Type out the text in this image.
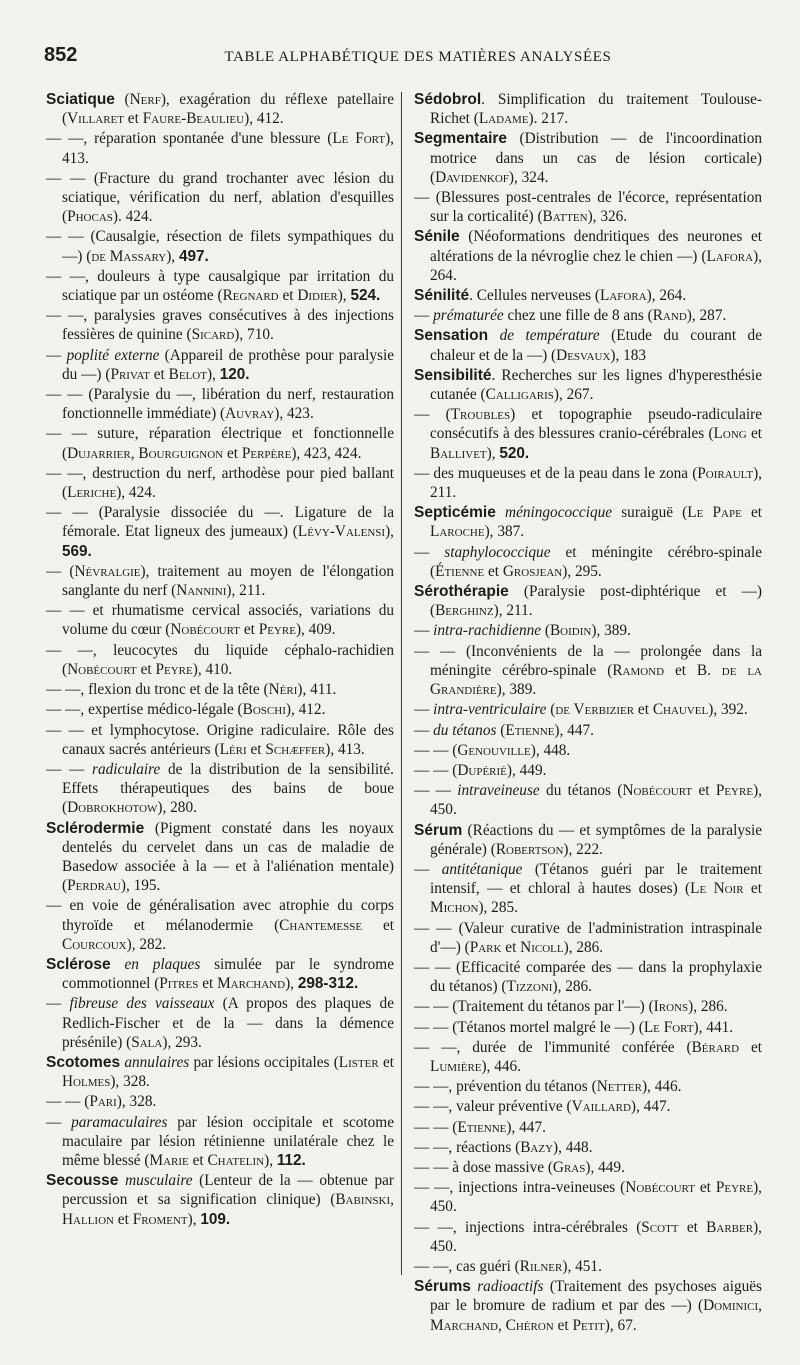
852	TABLE ALPHABÉTIQUE DES MATIÈRES ANALYSÉES
Sciatique (Nerf), exagération du réflexe patellaire (Villaret et Faure-Beaulieu), 412.
— —, réparation spontanée d'une blessure (Le Fort), 413.
— — (Fracture du grand trochanter avec lésion du sciatique, vérification du nerf, ablation d'esquilles (Phocas). 424.
— — (Causalgie, résection de filets sympathiques du —) (de Massary), 497.
— —, douleurs à type causalgique par irritation du sciatique par un ostéome (Regnard et Didier), 524.
— —, paralysies graves consécutives à des injections fessières de quinine (Sicard), 710.
— poplité externe (Appareil de prothèse pour paralysie du —) (Privat et Belot), 120.
— — (Paralysie du —, libération du nerf, restauration fonctionnelle immédiate) (Auvray), 423.
— — suture, réparation électrique et fonctionnelle (Dujarrier, Bourguignon et Perpère), 423, 424.
— —, destruction du nerf, arthodèse pour pied ballant (Leriche), 424.
— — (Paralysie dissociée du —. Ligature de la fémorale. Etat ligneux des jumeaux) (Lévy-Valensi), 569.
— (Névralgie), traitement au moyen de l'élongation sanglante du nerf (Nannini), 211.
— — et rhumatisme cervical associés, variations du volume du cœur (Nobécourt et Peyre), 409.
— —, leucocytes du liquide céphalo-rachidien (Nobécourt et Peyre), 410.
— —, flexion du tronc et de la tête (Néri), 411.
— —, expertise médico-légale (Boschi), 412.
— — et lymphocytose. Origine radiculaire. Rôle des canaux sacrés antérieurs (Léri et Schæffer), 413.
— — radiculaire de la distribution de la sensibilité. Effets thérapeutiques des bains de boue (Dobrokhotow), 280.
Sclérodermie (Pigment constaté dans les noyaux dentelés du cervelet dans un cas de maladie de Basedow associée à la — et à l'aliénation mentale) (Perdrau), 195.
— en voie de généralisation avec atrophie du corps thyroïde et mélanodermie (Chantemesse et Courcoux), 282.
Sclérose en plaques simulée par le syndrome commotionnel (Pitres et Marchand), 298-312.
— fibreuse des vaisseaux (A propos des plaques de Redlich-Fischer et de la — dans la démence présénile) (Sala), 293.
Scotomes annulaires par lésions occipitales (Lister et Holmes), 328.
— — (Pari), 328.
— paramaculaires par lésion occipitale et scotome maculaire par lésion rétinienne unilatérale chez le même blessé (Marie et Chatelin), 112.
Secousse musculaire (Lenteur de la — obtenue par percussion et sa signification clinique) (Babinski, Hallion et Froment), 109.
Sédobrol. Simplification du traitement Toulouse-Richet (Ladame). 217.
Segmentaire (Distribution — de l'incoordination motrice dans un cas de lésion corticale) (Davidenkof), 324.
— (Blessures post-centrales de l'écorce, représentation sur la corticalité) (Batten), 326.
Sénile (Néoformations dendritiques des neurones et altérations de la névroglie chez le chien —) (Lafora), 264.
Sénilité. Cellules nerveuses (Lafora), 264.
— prématurée chez une fille de 8 ans (Rand), 287.
Sensation de température (Etude du courant de chaleur et de la —) (Desvaux), 183
Sensibilité. Recherches sur les lignes d'hyperesthésie cutanée (Calligaris), 267.
— (Troubles) et topographie pseudo-radiculaire consécutifs à des blessures cranio-cérébrales (Long et Ballivet), 520.
— des muqueuses et de la peau dans le zona (Poirault), 211.
Septicémie méningococcique suraiguë (Le Pape et Laroche), 387.
— staphylococcique et méningite cérébro-spinale (Étienne et Grosjean), 295.
Sérothérapie (Paralysie post-diphtérique et —) (Berghinz), 211.
— intra-rachidienne (Boidin), 389.
— — (Inconvénients de la — prolongée dans la méningite cérébro-spinale (Ramond et B. de la Grandière), 389.
— intra-ventriculaire (de Verbizier et Chauvel), 392.
— du tétanos (Etienne), 447.
— — (Genouville), 448.
— — (Dupérié), 449.
— — intraveineuse du tétanos (Nobécourt et Peyre), 450.
Sérum (Réactions du — et symptômes de la paralysie générale) (Robertson), 222.
— antitétanique (Tétanos guéri par le traitement intensif, — et chloral à hautes doses) (Le Noir et Michon), 285.
— — (Valeur curative de l'administration intraspinale d'—) (Park et Nicoll), 286.
— — (Efficacité comparée des — dans la prophylaxie du tétanos) (Tizzoni), 286.
— — (Traitement du tétanos par l'—) (Irons), 286.
— — (Tétanos mortel malgré le —) (Le Fort), 441.
— —, durée de l'immunité conférée (Bérard et Lumière), 446.
— —, prévention du tétanos (Netter), 446.
— —, valeur préventive (Vaillard), 447.
— — (Etienne), 447.
— —, réactions (Bazy), 448.
— — à dose massive (Gras), 449.
— —, injections intra-veineuses (Nobécourt et Peyre), 450.
— —, injections intra-cérébrales (Scott et Barber), 450.
— —, cas guéri (Rilner), 451.
Sérums radioactifs (Traitement des psychoses aiguës par le bromure de radium et par des —) (Dominici, Marchand, Chéron et Petit), 67.
